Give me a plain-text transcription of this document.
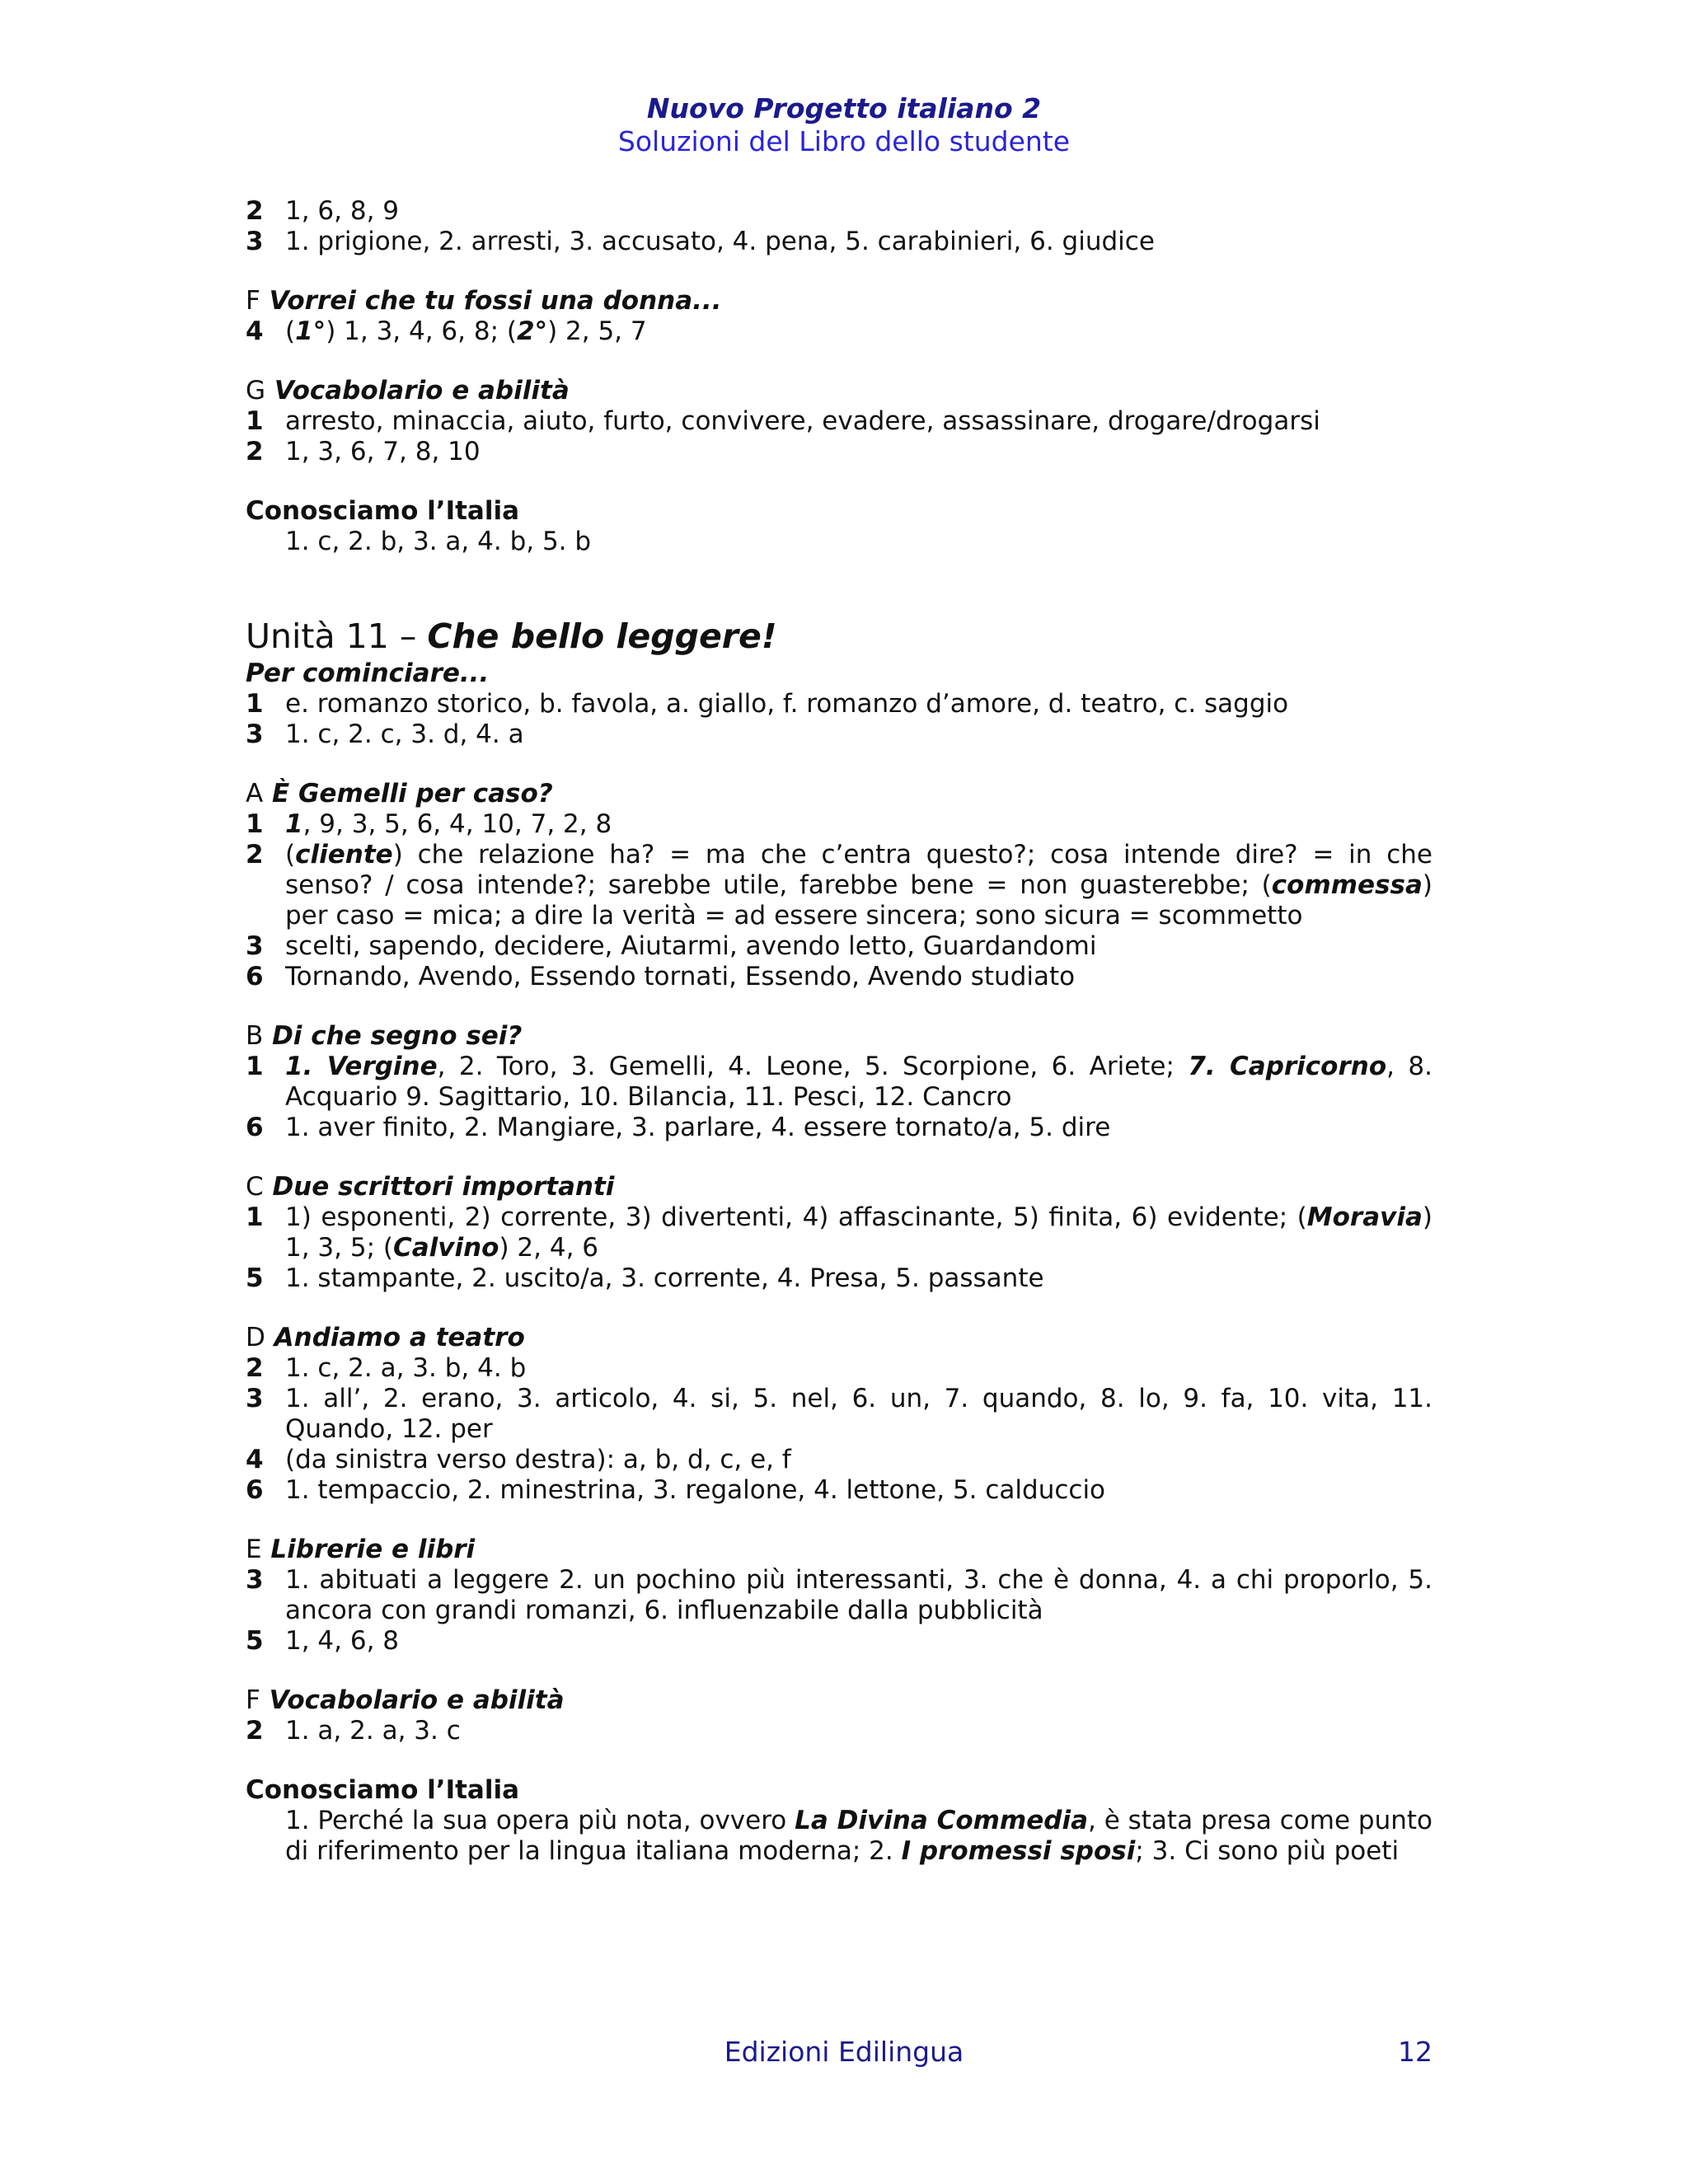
Nuovo Progetto italiano 2
Soluzioni del Libro dello studente
2 1, 6, 8, 9
3 1. prigione, 2. arresti, 3. accusato, 4. pena, 5. carabinieri, 6. giudice
F Vorrei che tu fossi una donna...
4 (1°) 1, 3, 4, 6, 8; (2°) 2, 5, 7
G Vocabolario e abilità
1 arresto, minaccia, aiuto, furto, convivere, evadere, assassinare, drogare/drogarsi
2 1, 3, 6, 7, 8, 10
Conosciamo l’Italia
1. c, 2. b, 3. a, 4. b, 5. b
Unità 11 – Che bello leggere!
Per cominciare...
1 e. romanzo storico, b. favola, a. giallo, f. romanzo d’amore, d. teatro, c. saggio
3 1. c, 2. c, 3. d, 4. a
A È Gemelli per caso?
1 1, 9, 3, 5, 6, 4, 10, 7, 2, 8
2 (cliente) che relazione ha? = ma che c’entra questo?; cosa intende dire? = in che senso? / cosa intende?; sarebbe utile, farebbe bene = non guasterebbe; (commessa) per caso = mica; a dire la verità = ad essere sincera; sono sicura = scommetto
3 scelti, sapendo, decidere, Aiutarmi, avendo letto, Guardandomi
6 Tornando, Avendo, Essendo tornati, Essendo, Avendo studiato
B Di che segno sei?
1 1. Vergine, 2. Toro, 3. Gemelli, 4. Leone, 5. Scorpione, 6. Ariete; 7. Capricorno, 8. Acquario 9. Sagittario, 10. Bilancia, 11. Pesci, 12. Cancro
6 1. aver finito, 2. Mangiare, 3. parlare, 4. essere tornato/a, 5. dire
C Due scrittori importanti
1 1) esponenti, 2) corrente, 3) divertenti, 4) affascinante, 5) finita, 6) evidente; (Moravia) 1, 3, 5; (Calvino) 2, 4, 6
5 1. stampante, 2. uscito/a, 3. corrente, 4. Presa, 5. passante
D Andiamo a teatro
2 1. c, 2. a, 3. b, 4. b
3 1. all’, 2. erano, 3. articolo, 4. si, 5. nel, 6. un, 7. quando, 8. lo, 9. fa, 10. vita, 11. Quando, 12. per
4 (da sinistra verso destra): a, b, d, c, e, f
6 1. tempaccio, 2. minestrina, 3. regalone, 4. lettone, 5. calduccio
E Librerie e libri
3 1. abituati a leggere 2. un pochino più interessanti, 3. che è donna, 4. a chi proporlo, 5. ancora con grandi romanzi, 6. influenzabile dalla pubblicità
5 1, 4, 6, 8
F Vocabolario e abilità
2 1. a, 2. a, 3. c
Conosciamo l’Italia
1. Perché la sua opera più nota, ovvero La Divina Commedia, è stata presa come punto di riferimento per la lingua italiana moderna; 2. I promessi sposi; 3. Ci sono più poeti
Edizioni Edilingua	12
